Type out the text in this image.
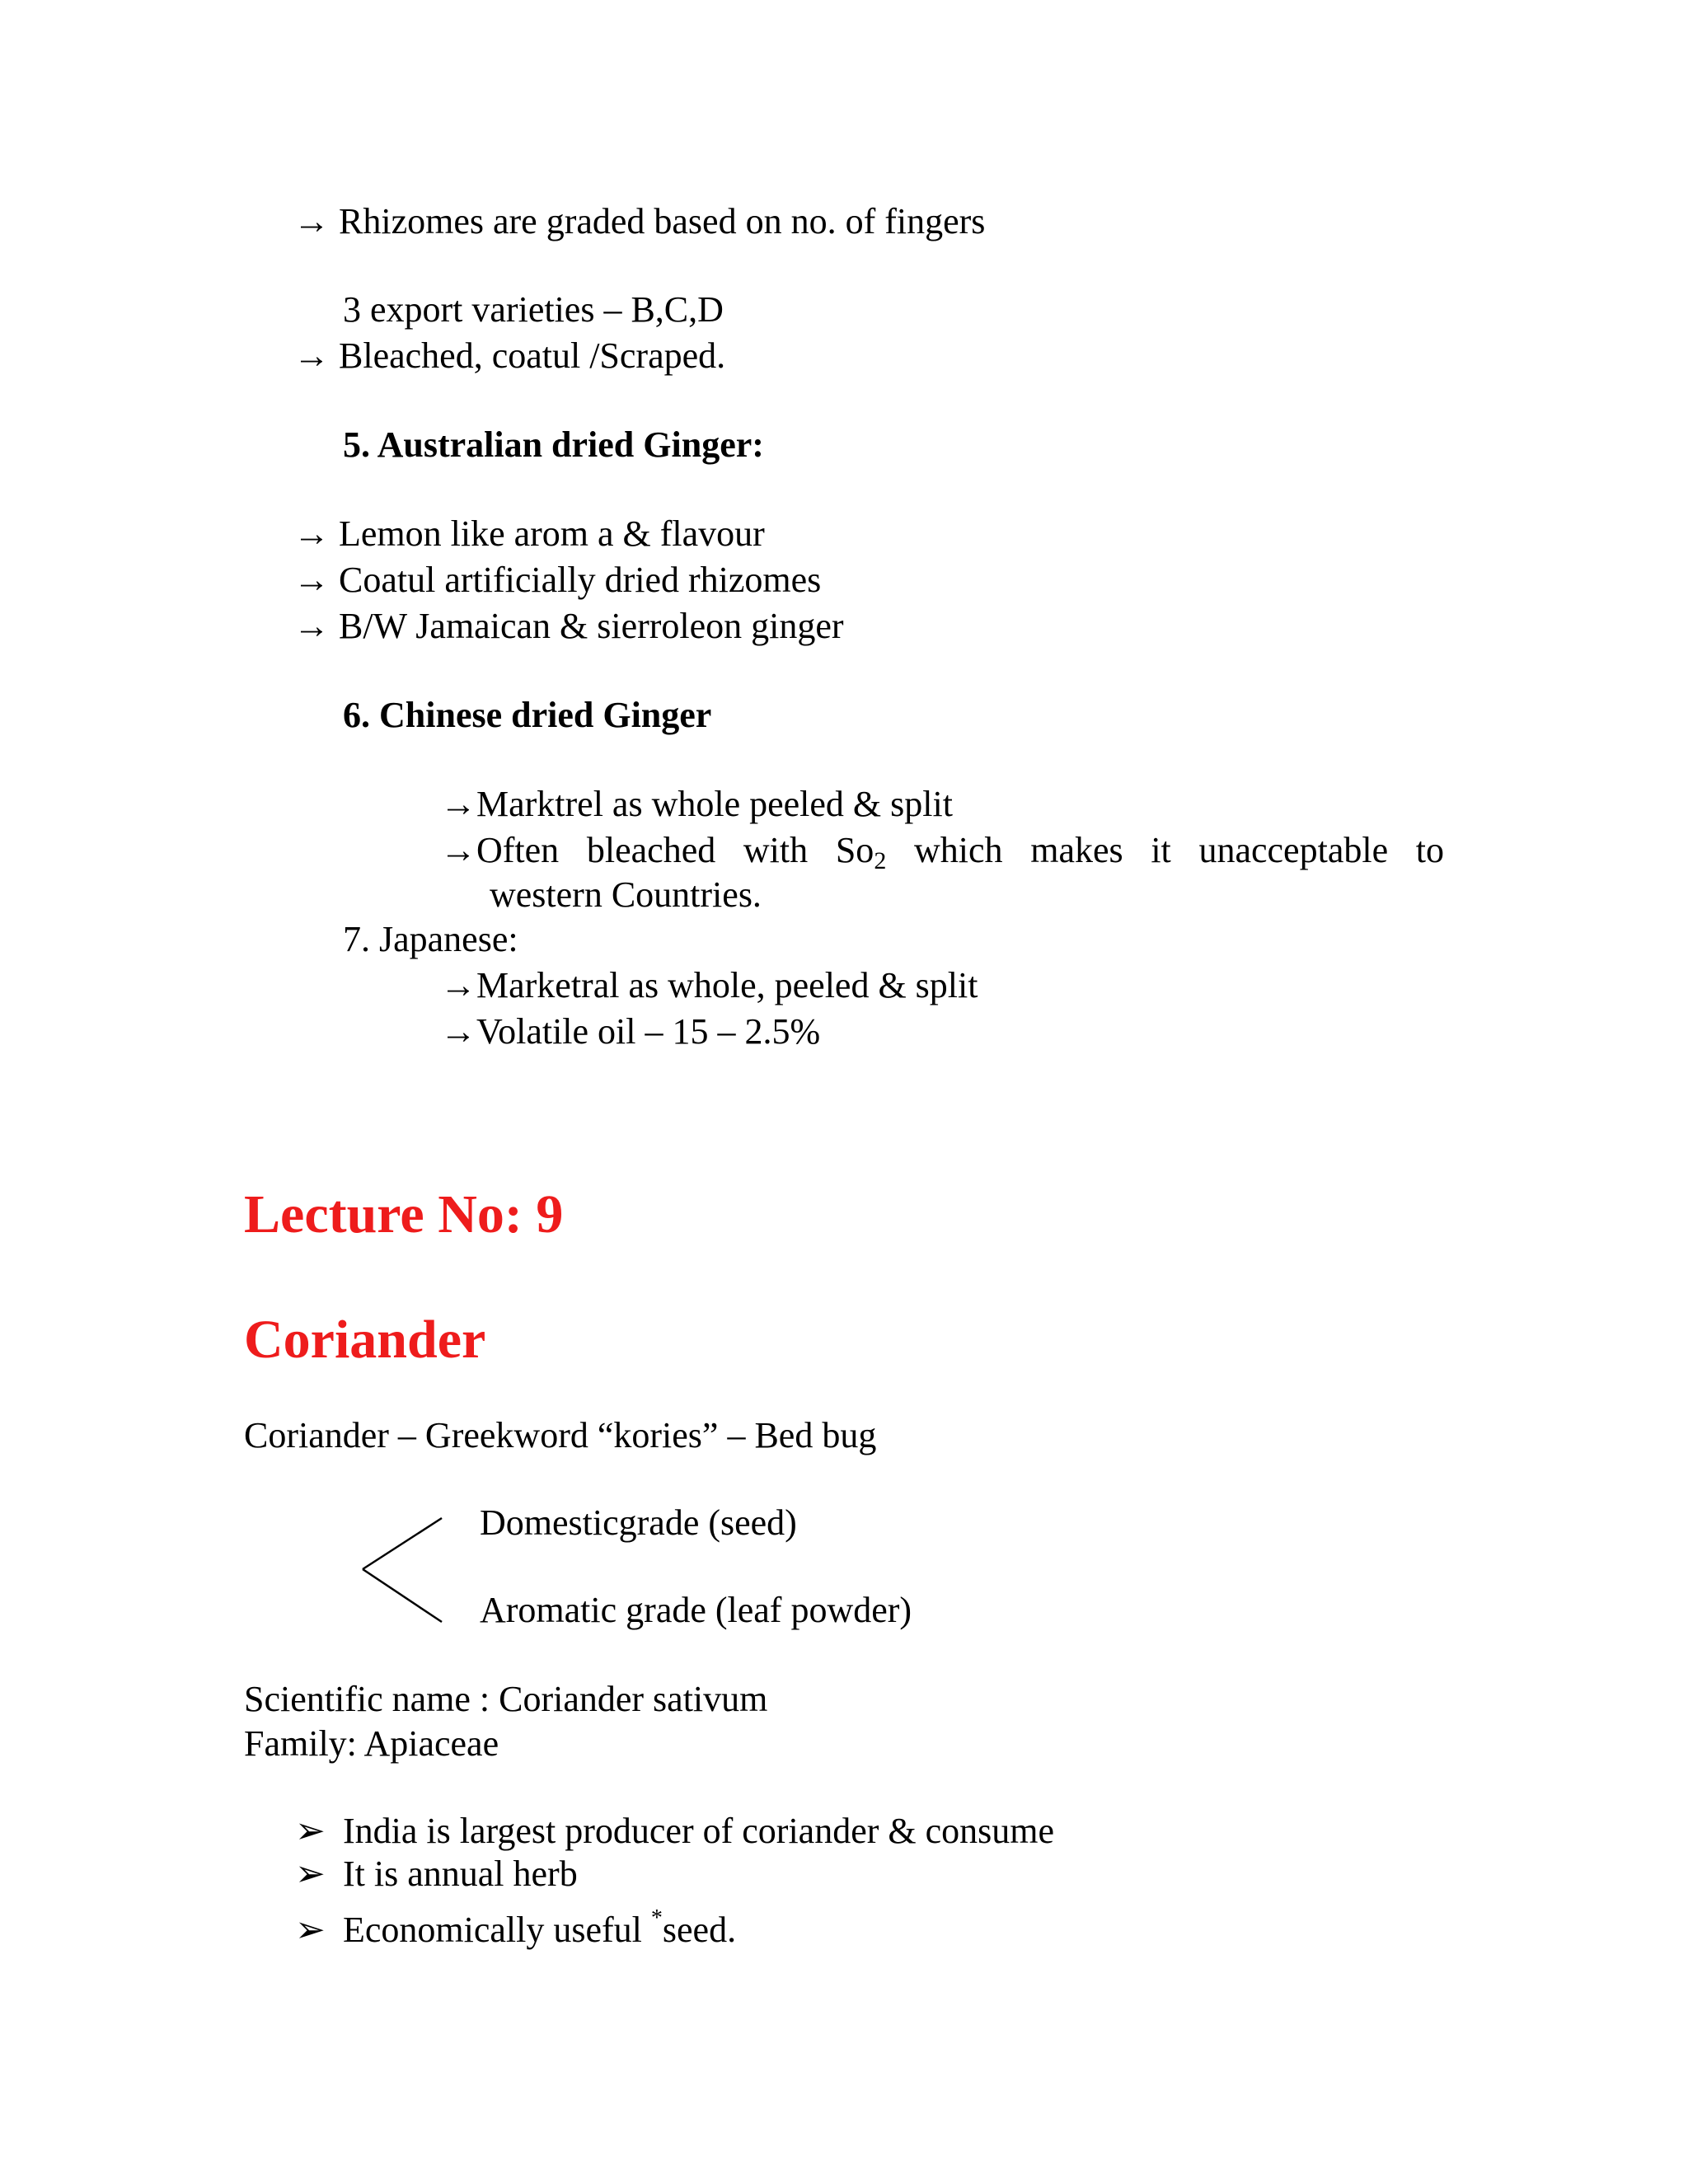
→ Rhizomes are graded based on no. of fingers
3 export varieties – B,C,D
→ Bleached, coatul /Scraped.
5. Australian dried Ginger:
→ Lemon like arom a & flavour
→ Coatul artificially dried rhizomes
→ B/W Jamaican & sierroleon ginger
6. Chinese dried Ginger
→Marktrel as whole peeled & split
→Often bleached with $So_2$ which makes it unacceptable to
western Countries.
7. Japanese:
→Marketral as whole, peeled & split
→Volatile oil – 15 – 2.5%
Lecture No: 9
Coriander
Coriander – Greekword “kories” – Bed bug
Domesticgrade (seed)
Aromatic grade (leaf powder)
Scientific name : Coriander sativum
Family: Apiaceae
➢ India is largest producer of coriander & consume
➢ It is annual herb
➢ Economically useful *seed.
